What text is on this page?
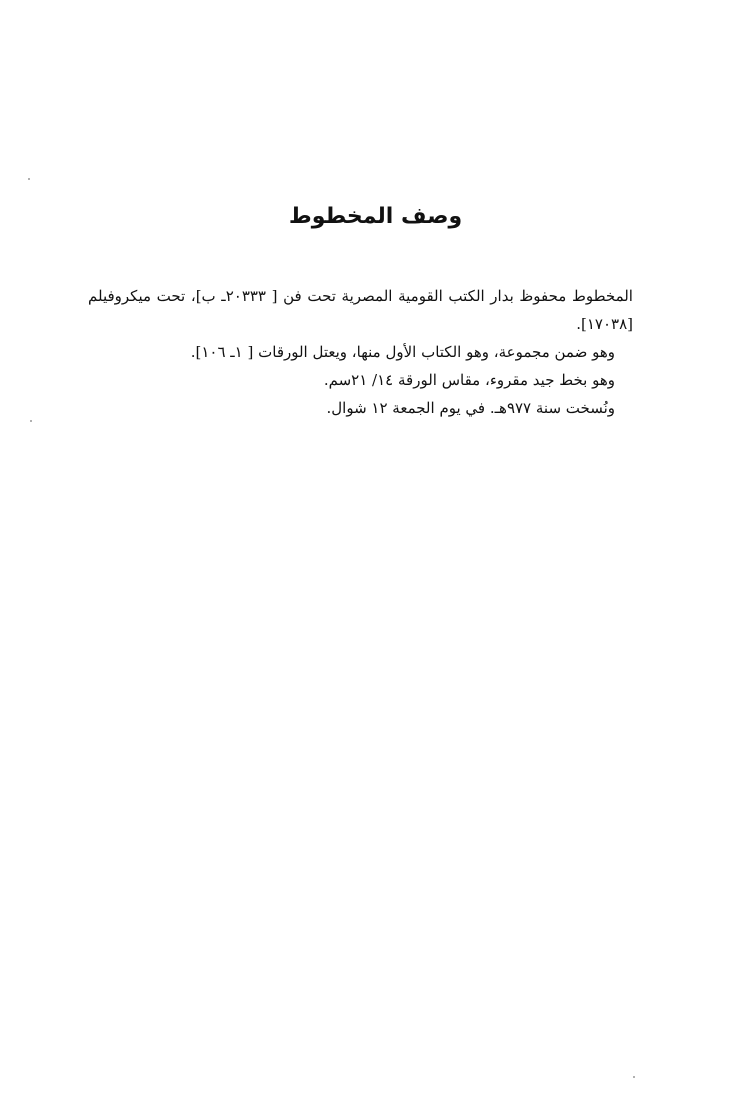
وصف المخطوط

المخطوط محفوظ بدار الكتب القومية المصرية تحت فن [ ٢٠٣٣٣ـ ب]، تحت ميكروفيلم [١٧٠٣٨].

وهو ضمن مجموعة، وهو الكتاب الأول منها، ويعتل الورقات [ ١ـ ١٠٦].

وهو بخط جيد مقروء، مقاس الورقة ١٤/ ٢١سم.

ونُسخت سنة ٩٧٧هـ. في يوم الجمعة ١٢ شوال.
